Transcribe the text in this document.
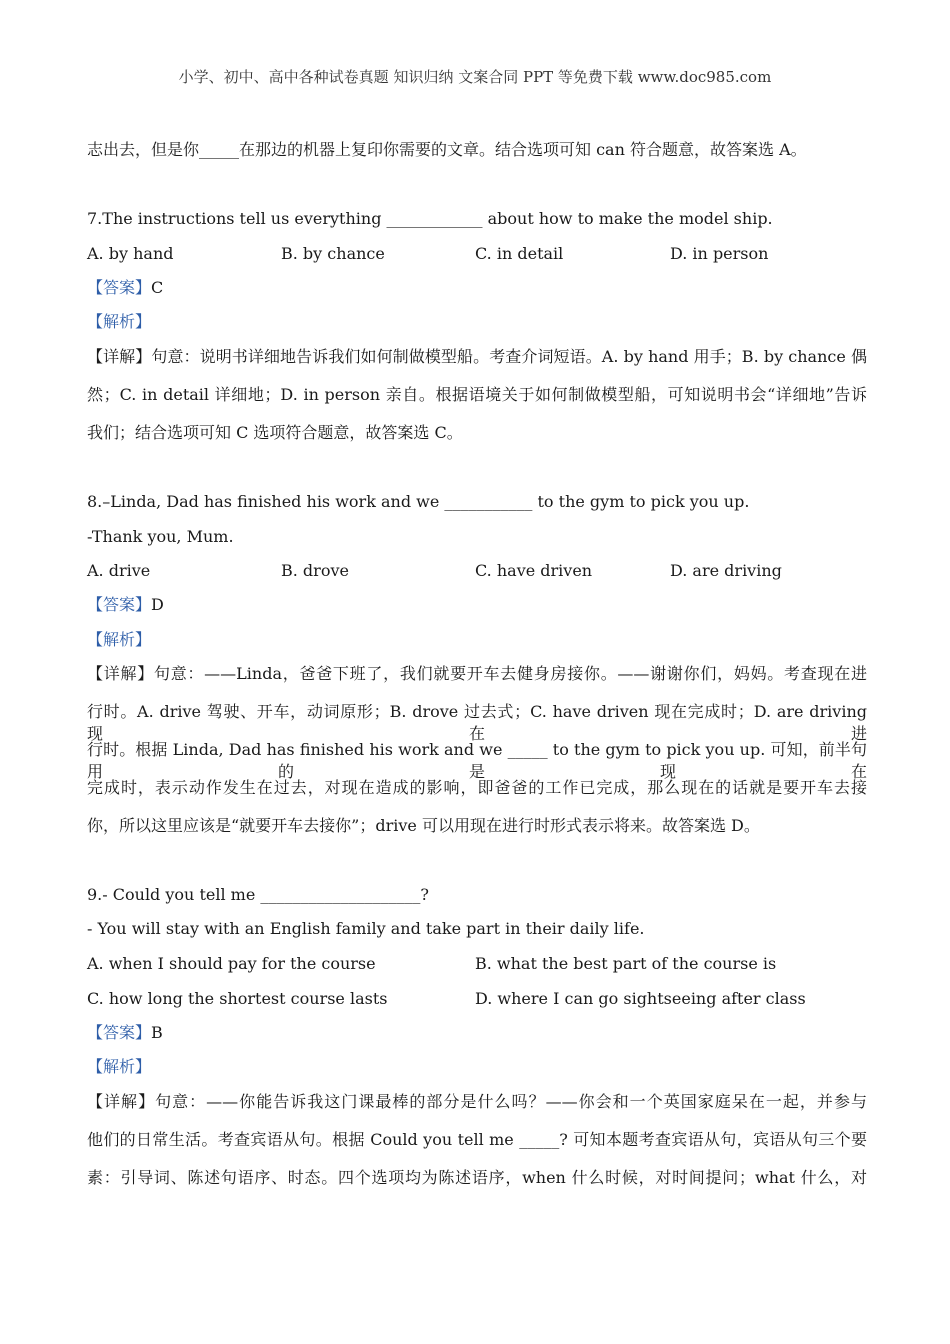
小学、初中、高中各种试卷真题 知识归纳 文案合同 PPT 等免费下载 www.doc985.com
志出去，但是你_____在那边的机器上复印你需要的文章。结合选项可知 can 符合题意，故答案选 A。
7.The instructions tell us everything ____________ about how to make the model ship.
A. by hand	B. by chance	C. in detail	D. in person
【答案】C
【解析】
【详解】句意：说明书详细地告诉我们如何制做模型船。考查介词短语。A. by hand 用手；B. by chance 偶
然；C. in detail 详细地；D. in person 亲自。根据语境关于如何制做模型船，可知说明书会“详细地”告诉
我们；结合选项可知 C 选项符合题意，故答案选 C。
8.–Linda, Dad has finished his work and we ___________ to the gym to pick you up.
-Thank you, Mum.
A. drive	B. drove	C. have driven	D. are driving
【答案】D
【解析】
【详解】句意：——Linda，爸爸下班了，我们就要开车去健身房接你。——谢谢你们，妈妈。考查现在进
行时。A. drive 驾驶、开车，动词原形；B. drove 过去式；C. have driven 现在完成时；D. are driving 现在进
行时。根据 Linda, Dad has finished his work and we _____ to the gym to pick you up. 可知，前半句用的是现在
完成时，表示动作发生在过去，对现在造成的影响，即爸爸的工作已完成，那么现在的话就是要开车去接
你，所以这里应该是“就要开车去接你”；drive 可以用现在进行时形式表示将来。故答案选 D。
9.- Could you tell me ____________________?
- You will stay with an English family and take part in their daily life.
A. when I should pay for the course	B. what the best part of the course is
C. how long the shortest course lasts	D. where I can go sightseeing after class
【答案】B
【解析】
【详解】句意：——你能告诉我这门课最棒的部分是什么吗？——你会和一个英国家庭呆在一起，并参与
他们的日常生活。考查宾语从句。根据 Could you tell me _____? 可知本题考查宾语从句，宾语从句三个要
素：引导词、陈述句语序、时态。四个选项均为陈述语序，when 什么时候，对时间提问；what 什么，对
